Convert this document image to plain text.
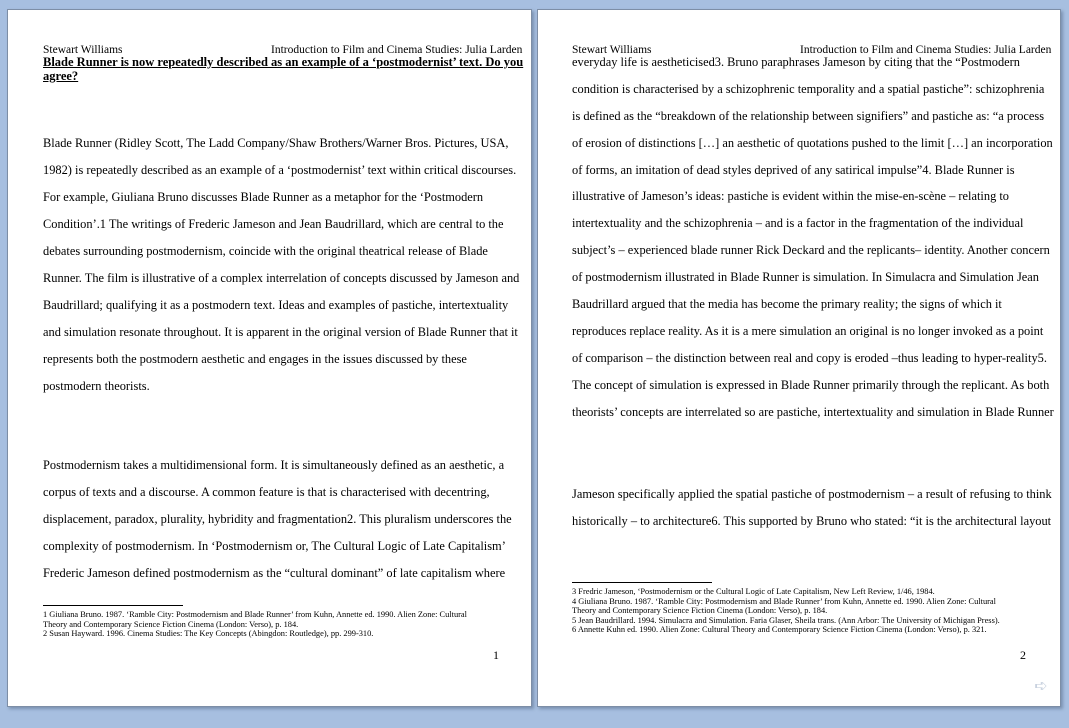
Stewart Williams	Introduction to Film and Cinema Studies: Julia Larden
Blade Runner is now repeatedly described as an example of a ‘postmodernist’ text. Do you
agree?
Blade Runner (Ridley Scott, The Ladd Company/Shaw Brothers/Warner Bros. Pictures, USA,
1982) is repeatedly described as an example of a ‘postmodernist’ text within critical discourses.
For example, Giuliana Bruno discusses Blade Runner as a metaphor for the ‘Postmodern
Condition’.1 The writings of Frederic Jameson and Jean Baudrillard, which are central to the
debates surrounding postmodernism, coincide with the original theatrical release of Blade
Runner. The film is illustrative of a complex interrelation of concepts discussed by Jameson and
Baudrillard; qualifying it as a postmodern text. Ideas and examples of pastiche, intertextuality
and simulation resonate throughout. It is apparent in the original version of Blade Runner that it
represents both the postmodern aesthetic and engages in the issues discussed by these
postmodern theorists.
Postmodernism takes a multidimensional form. It is simultaneously defined as an aesthetic, a
corpus of texts and a discourse. A common feature is that is characterised with decentring,
displacement, paradox, plurality, hybridity and fragmentation2. This pluralism underscores the
complexity of postmodernism. In ‘Postmodernism or, The Cultural Logic of Late Capitalism’
Frederic Jameson defined postmodernism as the “cultural dominant” of late capitalism where
1 Giuliana Bruno. 1987. ‘Ramble City: Postmodernism and Blade Runner’ from Kuhn, Annette ed. 1990. Alien Zone: Cultural
Theory and Contemporary Science Fiction Cinema (London: Verso), p. 184.
2 Susan Hayward. 1996. Cinema Studies: The Key Concepts (Abingdon: Routledge), pp. 299-310.
1
Stewart Williams	Introduction to Film and Cinema Studies: Julia Larden
everyday life is aestheticised3. Bruno paraphrases Jameson by citing that the “Postmodern
condition is characterised by a schizophrenic temporality and a spatial pastiche”: schizophrenia
is defined as the “breakdown of the relationship between signifiers” and pastiche as: “a process
of erosion of distinctions […] an aesthetic of quotations pushed to the limit […] an incorporation
of forms, an imitation of dead styles deprived of any satirical impulse”4. Blade Runner is
illustrative of Jameson’s ideas: pastiche is evident within the mise-en-scène – relating to
intertextuality and the schizophrenia – and is a factor in the fragmentation of the individual
subject’s – experienced blade runner Rick Deckard and the replicants– identity. Another concern
of postmodernism illustrated in Blade Runner is simulation. In Simulacra and Simulation Jean
Baudrillard argued that the media has become the primary reality; the signs of which it
reproduces replace reality. As it is a mere simulation an original is no longer invoked as a point
of comparison – the distinction between real and copy is eroded –thus leading to hyper-reality5.
The concept of simulation is expressed in Blade Runner primarily through the replicant. As both
theorists’ concepts are interrelated so are pastiche, intertextuality and simulation in Blade Runner
Jameson specifically applied the spatial pastiche of postmodernism – a result of refusing to think
historically – to architecture6. This supported by Bruno who stated: “it is the architectural layout
3 Fredric Jameson, ‘Postmodernism or the Cultural Logic of Late Capitalism, New Left Review, 1/46, 1984.
4 Giuliana Bruno. 1987. ‘Ramble City: Postmodernism and Blade Runner’ from Kuhn, Annette ed. 1990. Alien Zone: Cultural
Theory and Contemporary Science Fiction Cinema (London: Verso), p. 184.
5 Jean Baudrillard. 1994. Simulacra and Simulation. Faria Glaser, Sheila trans. (Ann Arbor: The University of Michigan Press).
6 Annette Kuhn ed. 1990. Alien Zone: Cultural Theory and Contemporary Science Fiction Cinema (London: Verso), p. 321.
2
➪
